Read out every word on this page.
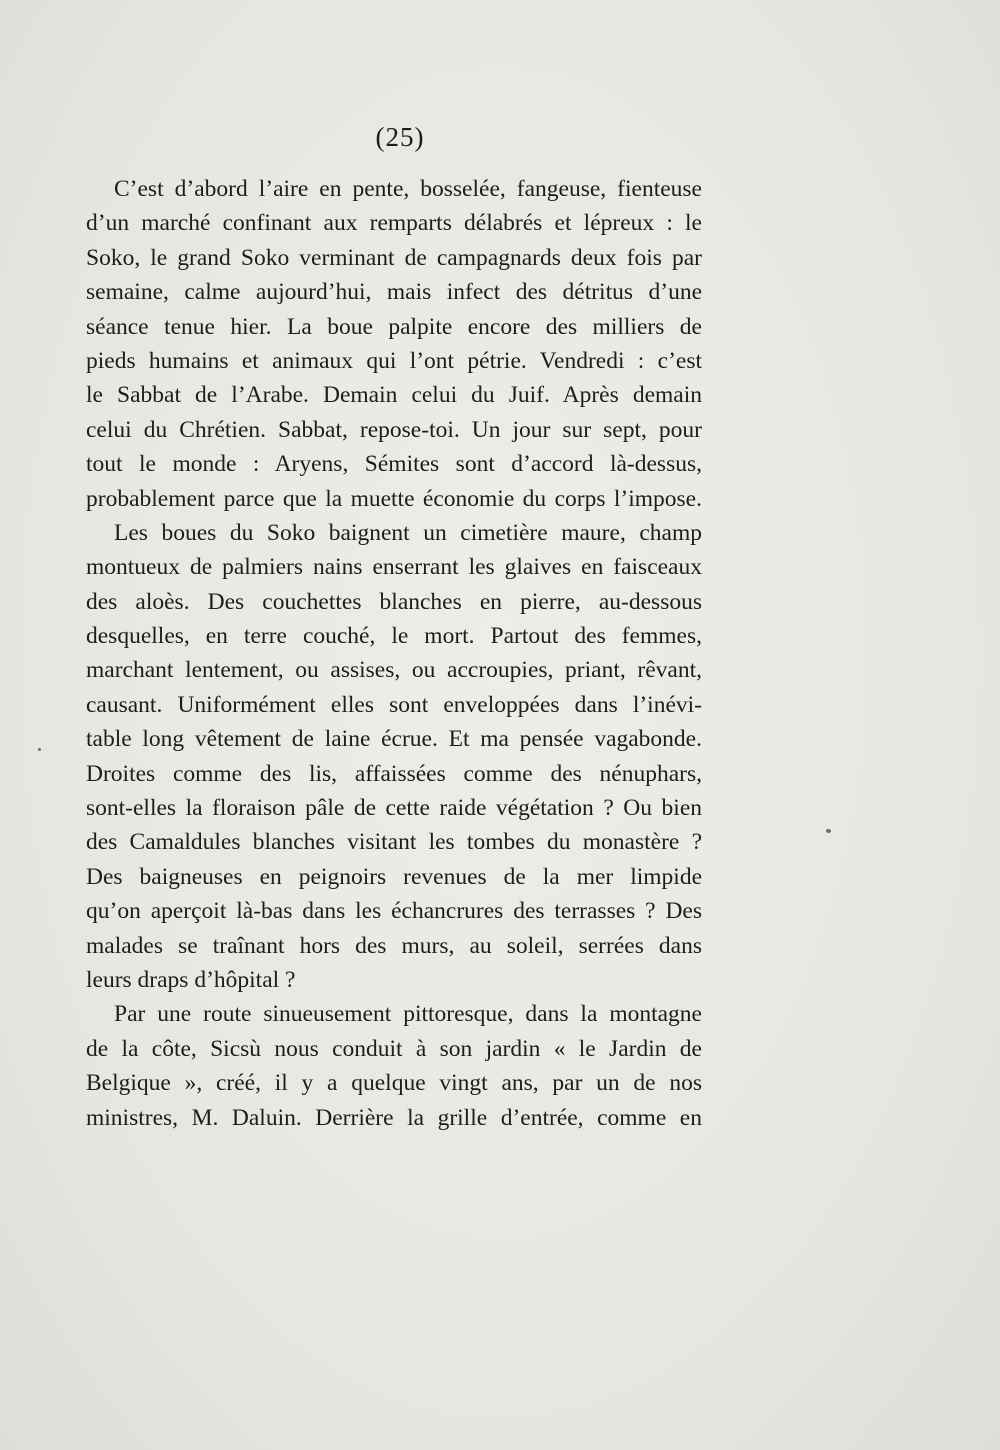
(25)
C’est d’abord l’aire en pente, bosselée, fangeuse, fienteuse
d’un marché confinant aux remparts délabrés et lépreux : le
Soko, le grand Soko verminant de campagnards deux fois par
semaine, calme aujourd’hui, mais infect des détritus d’une
séance tenue hier. La boue palpite encore des milliers de
pieds humains et animaux qui l’ont pétrie. Vendredi : c’est
le Sabbat de l’Arabe. Demain celui du Juif. Après demain
celui du Chrétien. Sabbat, repose-toi. Un jour sur sept, pour
tout le monde : Aryens, Sémites sont d’accord là-dessus,
probablement parce que la muette économie du corps l’impose.
Les boues du Soko baignent un cimetière maure, champ
montueux de palmiers nains enserrant les glaives en faisceaux
des aloès. Des couchettes blanches en pierre, au-dessous
desquelles, en terre couché, le mort. Partout des femmes,
marchant lentement, ou assises, ou accroupies, priant, rêvant,
causant. Uniformément elles sont enveloppées dans l’inévi-
table long vêtement de laine écrue. Et ma pensée vagabonde.
Droites comme des lis, affaissées comme des nénuphars,
sont-elles la floraison pâle de cette raide végétation ? Ou bien
des Camaldules blanches visitant les tombes du monastère ?
Des baigneuses en peignoirs revenues de la mer limpide
qu’on aperçoit là-bas dans les échancrures des terrasses ? Des
malades se traînant hors des murs, au soleil, serrées dans
leurs draps d’hôpital ?
Par une route sinueusement pittoresque, dans la montagne
de la côte, Sicsù nous conduit à son jardin « le Jardin de
Belgique », créé, il y a quelque vingt ans, par un de nos
ministres, M. Daluin. Derrière la grille d’entrée, comme en
